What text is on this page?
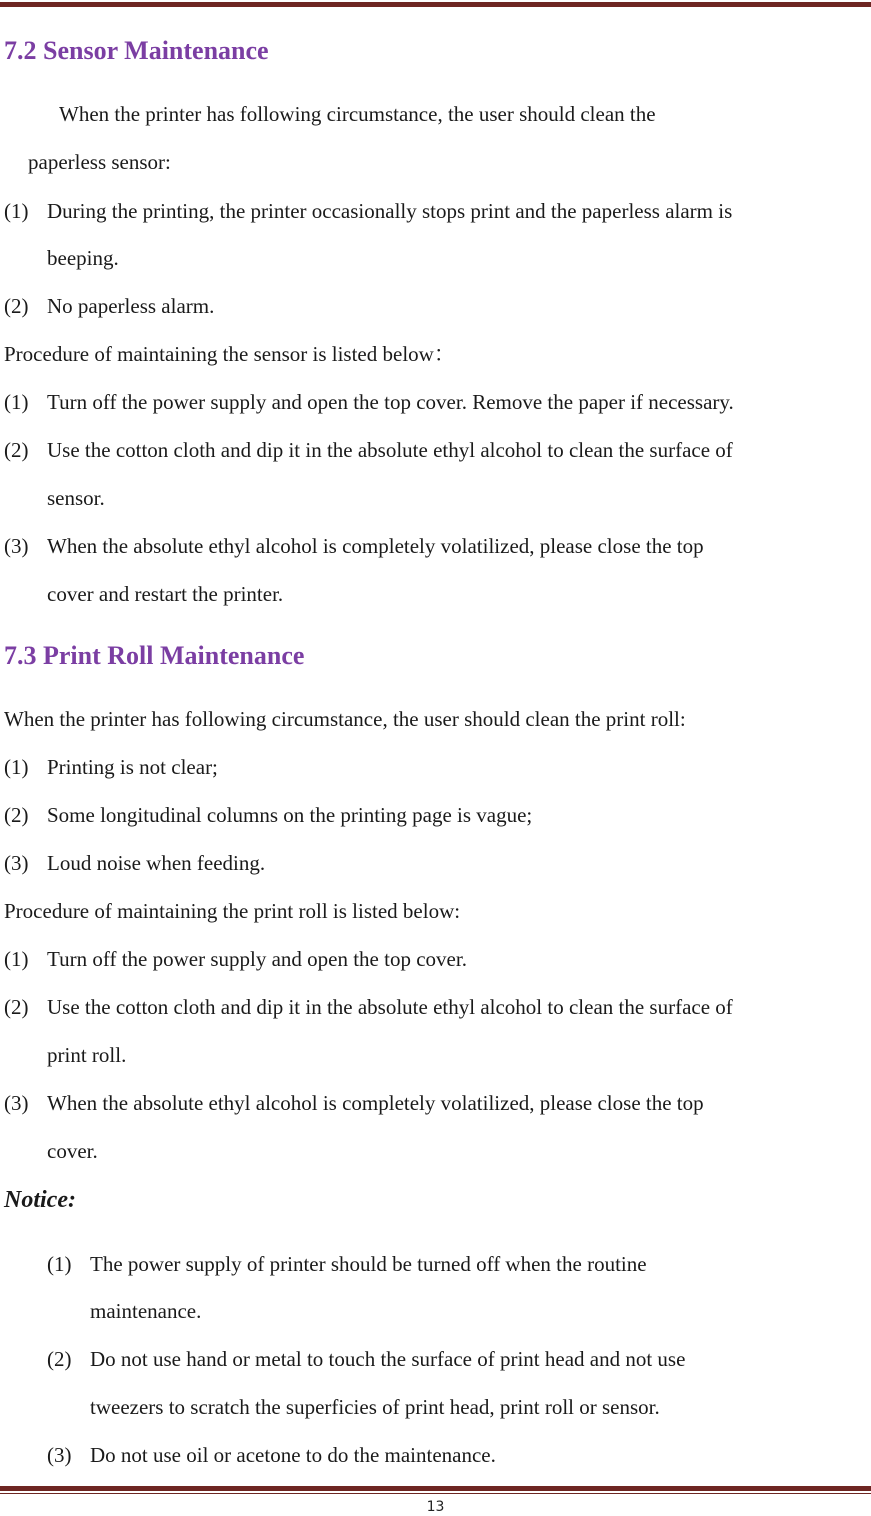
7.2 Sensor Maintenance
When the printer has following circumstance, the user should clean the
paperless sensor:
(1) During the printing, the printer occasionally stops print and the paperless alarm is
beeping.
(2) No paperless alarm.
Procedure of maintaining the sensor is listed below：
(1) Turn off the power supply and open the top cover. Remove the paper if necessary.
(2) Use the cotton cloth and dip it in the absolute ethyl alcohol to clean the surface of
sensor.
(3) When the absolute ethyl alcohol is completely volatilized, please close the top
cover and restart the printer.
7.3 Print Roll Maintenance
When the printer has following circumstance, the user should clean the print roll:
(1) Printing is not clear;
(2) Some longitudinal columns on the printing page is vague;
(3) Loud noise when feeding.
Procedure of maintaining the print roll is listed below:
(1) Turn off the power supply and open the top cover.
(2) Use the cotton cloth and dip it in the absolute ethyl alcohol to clean the surface of
print roll.
(3) When the absolute ethyl alcohol is completely volatilized, please close the top
cover.
Notice:
(1) The power supply of printer should be turned off when the routine
maintenance.
(2) Do not use hand or metal to touch the surface of print head and not use
tweezers to scratch the superficies of print head, print roll or sensor.
(3) Do not use oil or acetone to do the maintenance.
13
